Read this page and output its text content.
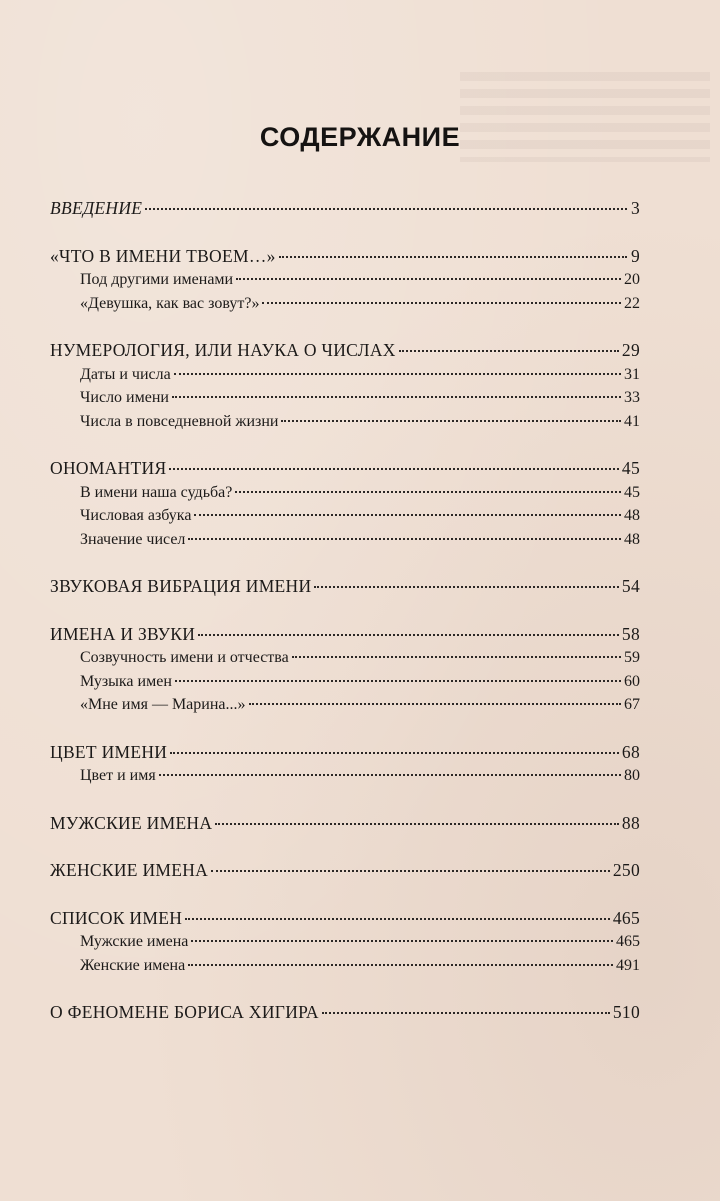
СОДЕРЖАНИЕ
ВВЕДЕНИЕ	3
«ЧТО В ИМЕНИ ТВОЕМ…»	9
Под другими именами	20
«Девушка, как вас зовут?»	22
НУМЕРОЛОГИЯ, ИЛИ НАУКА О ЧИСЛАХ	29
Даты и числа	31
Число имени	33
Числа в повседневной жизни	41
ОНОМАНТИЯ	45
В имени наша судьба?	45
Числовая азбука	48
Значение чисел	48
ЗВУКОВАЯ ВИБРАЦИЯ ИМЕНИ	54
ИМЕНА И ЗВУКИ	58
Созвучность имени и отчества	59
Музыка имен	60
«Мне имя — Марина...»	67
ЦВЕТ ИМЕНИ	68
Цвет и имя	80
МУЖСКИЕ ИМЕНА	88
ЖЕНСКИЕ ИМЕНА	250
СПИСОК ИМЕН	465
Мужские имена	465
Женские имена	491
О ФЕНОМЕНЕ БОРИСА ХИГИРА	510
